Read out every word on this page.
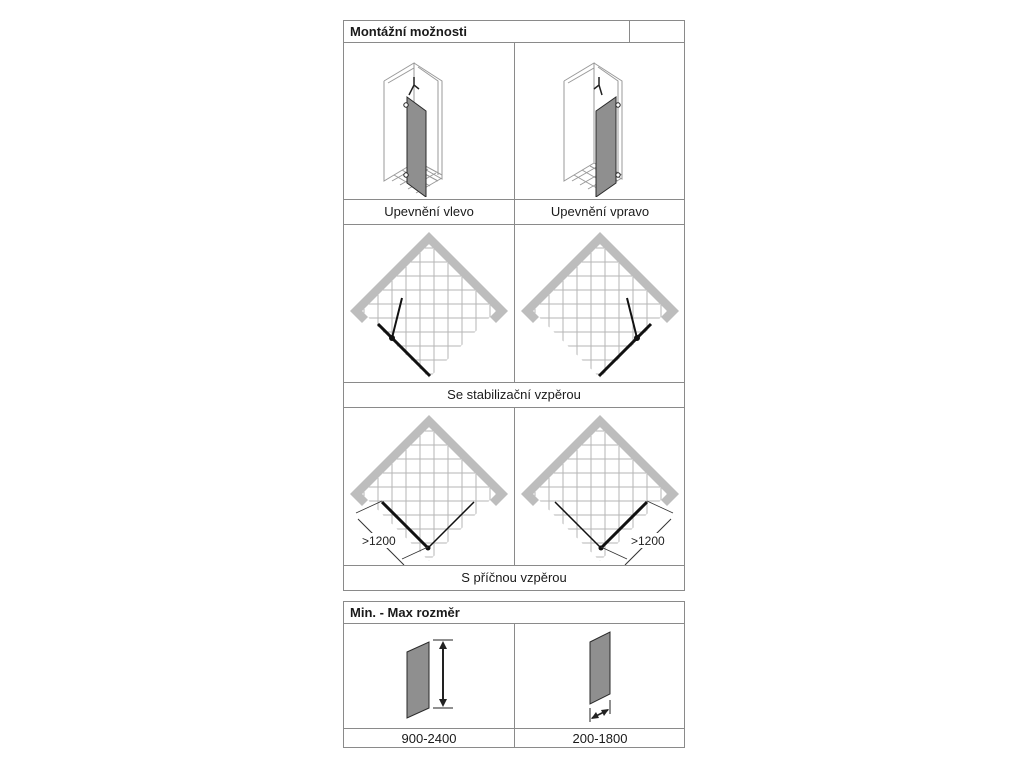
Montážní možnosti
Upevnění vlevo	Upevnění vpravo
Se stabilizační vzpěrou
>1200	>1200
S příčnou vzpěrou
Min. - Max rozměr
900-2400	200-1800
